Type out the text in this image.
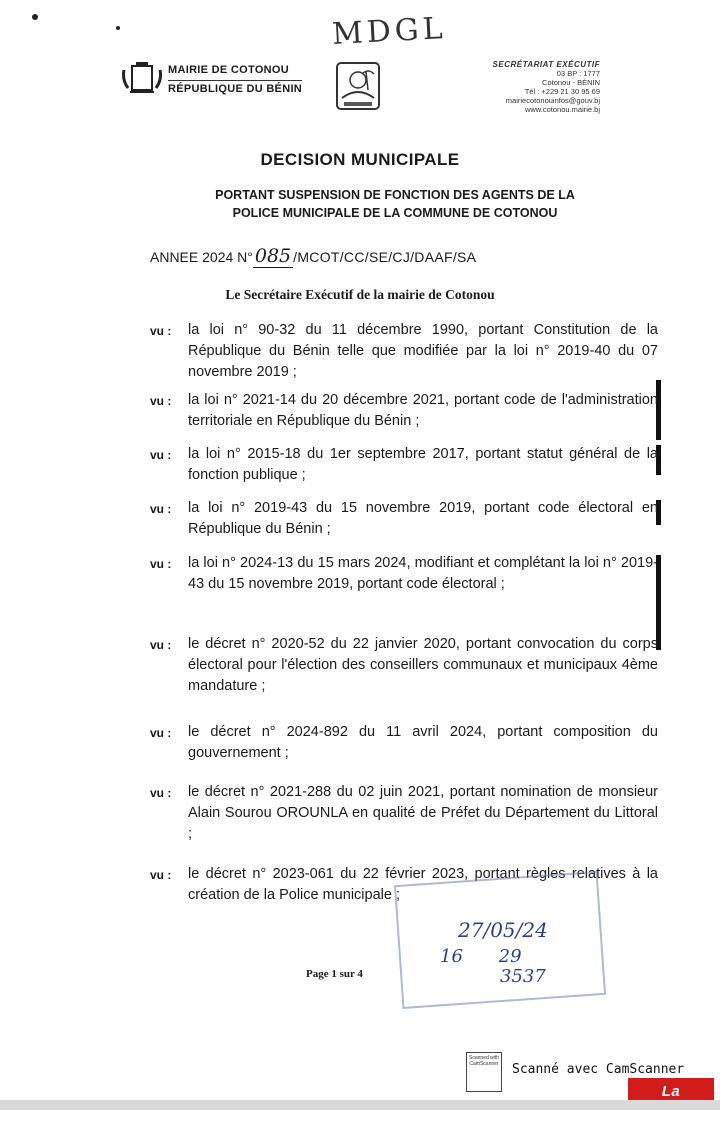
MDGL
MAIRIE DE COTONOU
RÉPUBLIQUE DU BÉNIN
SECRÉTARIAT EXÉCUTIF
03 BP : 1777
Cotonou - BÉNIN
Tél : +229 21 30 95 69
mairiecotonouinfos@gouv.bj
www.cotonou.mairie.bj
DECISION MUNICIPALE
PORTANT SUSPENSION DE FONCTION DES AGENTS DE LA
POLICE MUNICIPALE DE LA COMMUNE DE COTONOU
ANNEE 2024 N° 085 /MCOT/CC/SE/CJ/DAAF/SA
Le Secrétaire Exécutif de la mairie de Cotonou
vu :	la loi n° 90-32 du 11 décembre 1990, portant Constitution de la République du Bénin telle que modifiée par la loi n° 2019-40 du 07 novembre 2019 ;
vu :	la loi n° 2021-14 du 20 décembre 2021, portant code de l'administration territoriale en République du Bénin ;
vu :	la loi n° 2015-18 du 1er septembre 2017, portant statut général de la fonction publique ;
vu :	la loi n° 2019-43 du 15 novembre 2019, portant code électoral en République du Bénin ;
vu :	la loi n° 2024-13 du 15 mars 2024, modifiant et complétant la loi n° 2019-43 du 15 novembre 2019, portant code électoral ;
vu :	le décret n° 2020-52 du 22 janvier 2020, portant convocation du corps électoral pour l'élection des conseillers communaux et municipaux 4ème mandature ;
vu :	le décret n° 2024-892 du 11 avril 2024, portant composition du gouvernement ;
vu :	le décret n° 2021-288 du 02 juin 2021, portant nomination de monsieur Alain Sourou OROUNLA en qualité de Préfet du Département du Littoral ;
vu :	le décret n° 2023-061 du 22 février 2023, portant règles relatives à la création de la Police municipale ;
27/05/24
16 29
3537
Page 1 sur 4
Scanned with CamScanner Scanné avec CamScanner
La Tempête
